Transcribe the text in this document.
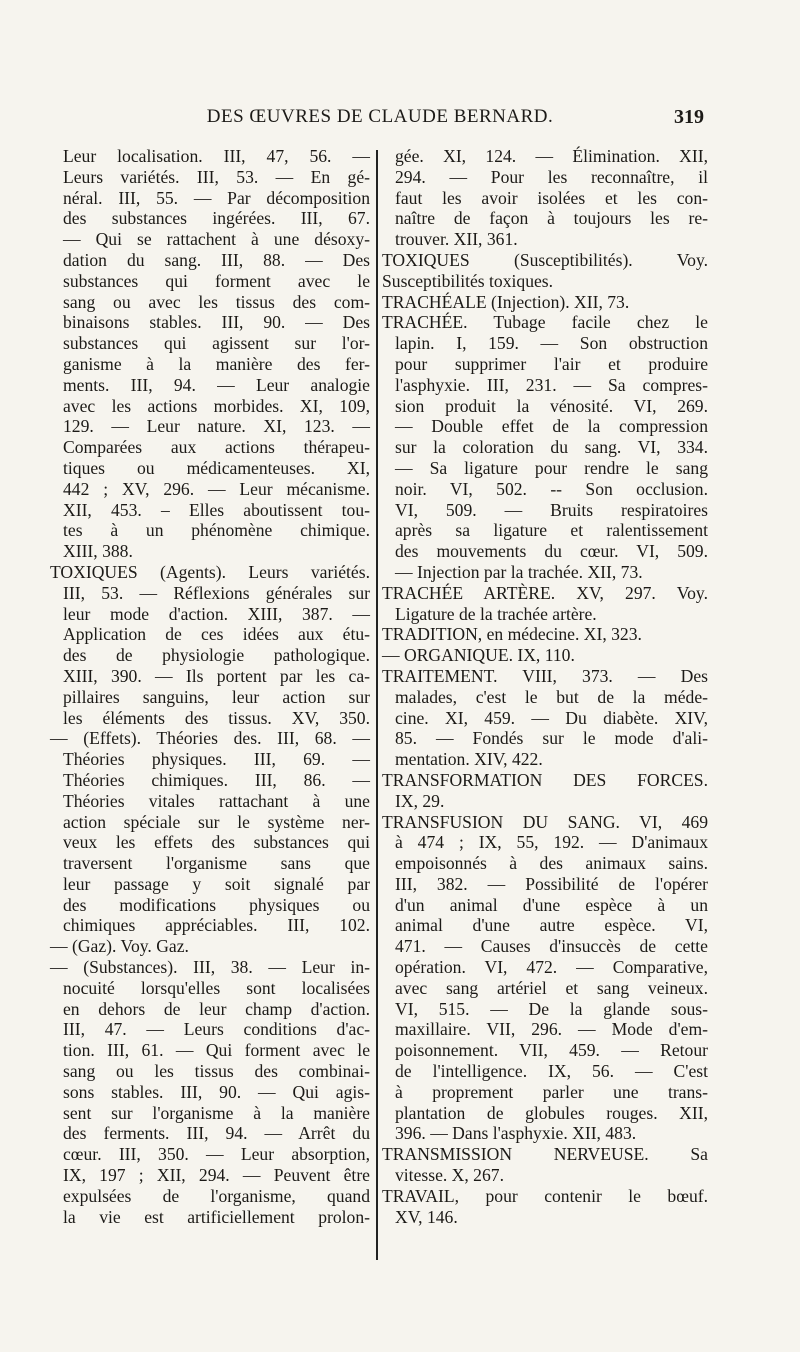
DES ŒUVRES DE CLAUDE BERNARD.	319
Leur localisation. III, 47, 56. —
Leurs variétés. III, 53. — En gé-
néral. III, 55. — Par décomposition
des substances ingérées. III, 67.
— Qui se rattachent à une désoxy-
dation du sang. III, 88. — Des
substances qui forment avec le
sang ou avec les tissus des com-
binaisons stables. III, 90. — Des
substances qui agissent sur l'or-
ganisme à la manière des fer-
ments. III, 94. — Leur analogie
avec les actions morbides. XI, 109,
129. — Leur nature. XI, 123. —
Comparées aux actions thérapeu-
tiques ou médicamenteuses. XI,
442 ; XV, 296. — Leur mécanisme.
XII, 453. – Elles aboutissent tou-
tes à un phénomène chimique.
XIII, 388.
TOXIQUES (Agents). Leurs variétés.
III, 53. — Réflexions générales sur
leur mode d'action. XIII, 387. —
Application de ces idées aux étu-
des de physiologie pathologique.
XIII, 390. — Ils portent par les ca-
pillaires sanguins, leur action sur
les éléments des tissus. XV, 350.
— (Effets). Théories des. III, 68. —
Théories physiques. III, 69. —
Théories chimiques. III, 86. —
Théories vitales rattachant à une
action spéciale sur le système ner-
veux les effets des substances qui
traversent l'organisme sans que
leur passage y soit signalé par
des modifications physiques ou
chimiques appréciables. III, 102.
— (Gaz). Voy. Gaz.
— (Substances). III, 38. — Leur in-
nocuité lorsqu'elles sont localisées
en dehors de leur champ d'action.
III, 47. — Leurs conditions d'ac-
tion. III, 61. — Qui forment avec le
sang ou les tissus des combinai-
sons stables. III, 90. — Qui agis-
sent sur l'organisme à la manière
des ferments. III, 94. — Arrêt du
cœur. III, 350. — Leur absorption,
IX, 197 ; XII, 294. — Peuvent être
expulsées de l'organisme, quand
la vie est artificiellement prolon-
gée. XI, 124. — Élimination. XII,
294. — Pour les reconnaître, il
faut les avoir isolées et les con-
naître de façon à toujours les re-
trouver. XII, 361.
TOXIQUES (Susceptibilités). Voy.
Susceptibilités toxiques.
TRACHÉALE (Injection). XII, 73.
TRACHÉE. Tubage facile chez le
lapin. I, 159. — Son obstruction
pour supprimer l'air et produire
l'asphyxie. III, 231. — Sa compres-
sion produit la vénosité. VI, 269.
— Double effet de la compression
sur la coloration du sang. VI, 334.
— Sa ligature pour rendre le sang
noir. VI, 502. -- Son occlusion.
VI, 509. — Bruits respiratoires
après sa ligature et ralentissement
des mouvements du cœur. VI, 509.
— Injection par la trachée. XII, 73.
TRACHÉE ARTÈRE. XV, 297. Voy.
Ligature de la trachée artère.
TRADITION, en médecine. XI, 323.
— ORGANIQUE. IX, 110.
TRAITEMENT. VIII, 373. — Des
malades, c'est le but de la méde-
cine. XI, 459. — Du diabète. XIV,
85. — Fondés sur le mode d'ali-
mentation. XIV, 422.
TRANSFORMATION DES FORCES.
IX, 29.
TRANSFUSION DU SANG. VI, 469
à 474 ; IX, 55, 192. — D'animaux
empoisonnés à des animaux sains.
III, 382. — Possibilité de l'opérer
d'un animal d'une espèce à un
animal d'une autre espèce. VI,
471. — Causes d'insuccès de cette
opération. VI, 472. — Comparative,
avec sang artériel et sang veineux.
VI, 515. — De la glande sous-
maxillaire. VII, 296. — Mode d'em-
poisonnement. VII, 459. — Retour
de l'intelligence. IX, 56. — C'est
à proprement parler une trans-
plantation de globules rouges. XII,
396. — Dans l'asphyxie. XII, 483.
TRANSMISSION NERVEUSE. Sa
vitesse. X, 267.
TRAVAIL, pour contenir le bœuf.
XV, 146.
